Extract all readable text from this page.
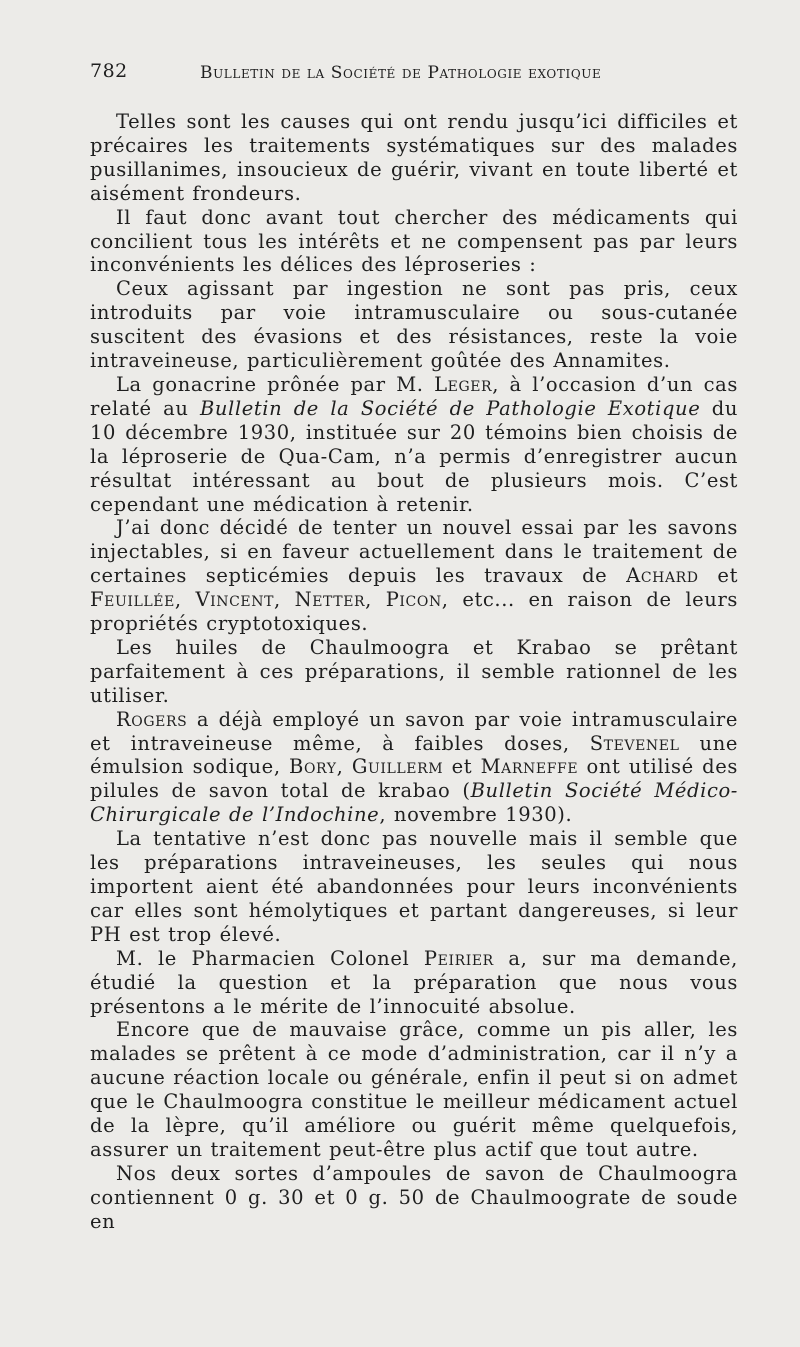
782	Bulletin de la Société de Pathologie exotique

Telles sont les causes qui ont rendu jusqu’ici difficiles et précaires les traitements systématiques sur des malades pusillanimes, insoucieux de guérir, vivant en toute liberté et aisément frondeurs.

Il faut donc avant tout chercher des médicaments qui concilient tous les intérêts et ne compensent pas par leurs inconvénients les délices des léproseries :

Ceux agissant par ingestion ne sont pas pris, ceux introduits par voie intramusculaire ou sous-cutanée suscitent des évasions et des résistances, reste la voie intraveineuse, particulièrement goûtée des Annamites.

La gonacrine prônée par M. Leger, à l’occasion d’un cas relaté au Bulletin de la Société de Pathologie Exotique du 10 décembre 1930, instituée sur 20 témoins bien choisis de la léproserie de Qua-Cam, n’a permis d’enregistrer aucun résultat intéressant au bout de plusieurs mois. C’est cependant une médication à retenir.

J’ai donc décidé de tenter un nouvel essai par les savons injectables, si en faveur actuellement dans le traitement de certaines septicémies depuis les travaux de Achard et Feuillée, Vincent, Netter, Picon, etc... en raison de leurs propriétés cryptotoxiques.

Les huiles de Chaulmoogra et Krabao se prêtant parfaitement à ces préparations, il semble rationnel de les utiliser.

Rogers a déjà employé un savon par voie intramusculaire et intraveineuse même, à faibles doses, Stevenel une émulsion sodique, Bory, Guillerm et Marneffe ont utilisé des pilules de savon total de krabao (Bulletin Société Médico-Chirurgicale de l’Indochine, novembre 1930).

La tentative n’est donc pas nouvelle mais il semble que les préparations intraveineuses, les seules qui nous importent aient été abandonnées pour leurs inconvénients car elles sont hémolytiques et partant dangereuses, si leur PH est trop élevé.

M. le Pharmacien Colonel Peirier a, sur ma demande, étudié la question et la préparation que nous vous présentons a le mérite de l’innocuité absolue.

Encore que de mauvaise grâce, comme un pis aller, les malades se prêtent à ce mode d’administration, car il n’y a aucune réaction locale ou générale, enfin il peut si on admet que le Chaulmoogra constitue le meilleur médicament actuel de la lèpre, qu’il améliore ou guérit même quelquefois, assurer un traitement peut-être plus actif que tout autre.

Nos deux sortes d’ampoules de savon de Chaulmoogra contiennent 0 g. 30 et 0 g. 50 de Chaulmoograte de soude en
